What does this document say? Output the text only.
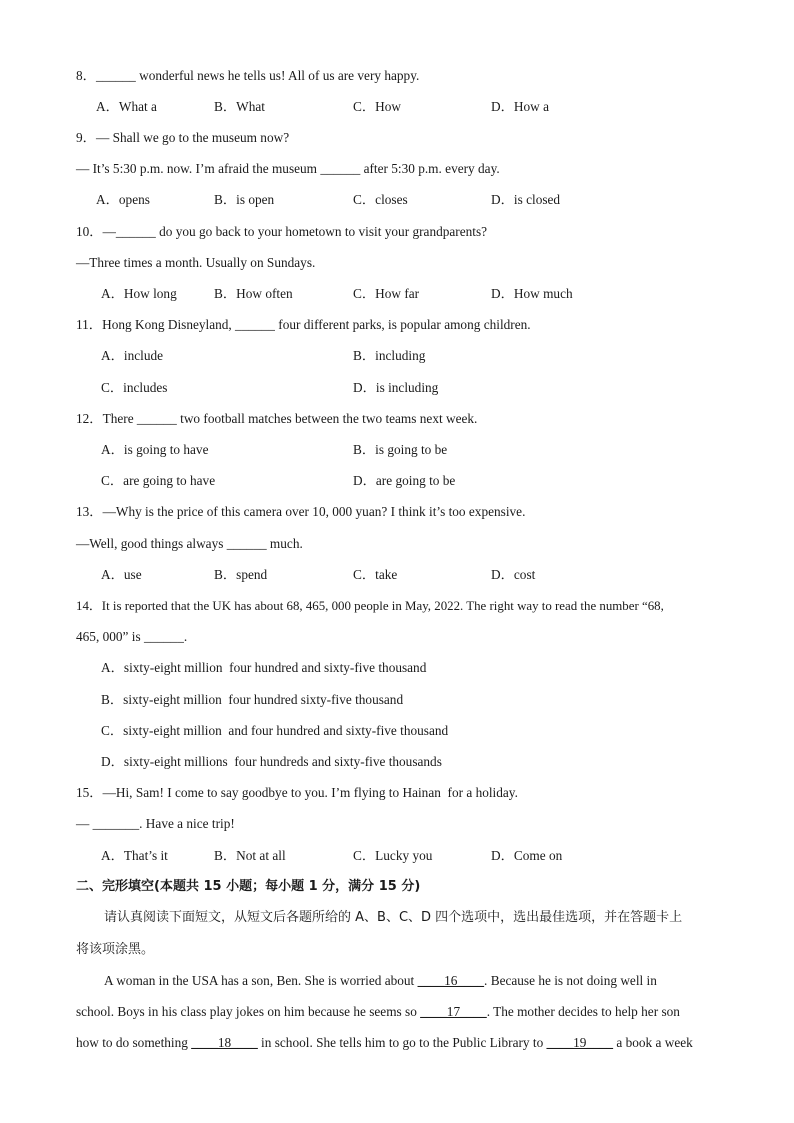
8．______ wonderful news he tells us! All of us are very happy.
A．What a	B．What	C．How	D．How a
9．— Shall we go to the museum now?
— It’s 5:30 p.m. now. I’m afraid the museum ______ after 5:30 p.m. every day.
A．opens	B．is open	C．closes	D．is closed
10．—______ do you go back to your hometown to visit your grandparents?
—Three times a month. Usually on Sundays.
A．How long	B．How often	C．How far	D．How much
11．Hong Kong Disneyland, ______ four different parks, is popular among children.
A．include	B．including
C．includes	D．is including
12．There ______ two football matches between the two teams next week.
A．is going to have	B．is going to be
C．are going to have	D．are going to be
13．—Why is the price of this camera over 10, 000 yuan? I think it’s too expensive.
—Well, good things always ______ much.
A．use	B．spend	C．take	D．cost
14．It is reported that the UK has about 68, 465, 000 people in May, 2022. The right way to read the number “68,
465, 000” is ______.
A．sixty-eight million  four hundred and sixty-five thousand
B．sixty-eight million  four hundred sixty-five thousand
C．sixty-eight million  and four hundred and sixty-five thousand
D．sixty-eight millions  four hundreds and sixty-five thousands
15．—Hi, Sam! I come to say goodbye to you. I’m flying to Hainan  for a holiday.
— _______. Have a nice trip!
A．That’s it	B．Not at all	C．Lucky you	D．Come on
二、完形填空(本题共 15 小题；每小题 1 分，满分 15 分)
请认真阅读下面短文，从短文后各题所给的 A、B、C、D 四个选项中，选出最佳选项，并在答题卡上
将该项涂黑。
A woman in the USA has a son, Ben. She is worried about ____16____. Because he is not doing well in
school. Boys in his class play jokes on him because he seems so ____17____. The mother decides to help her son
how to do something ____18____ in school. She tells him to go to the Public Library to ____19____ a book a week
